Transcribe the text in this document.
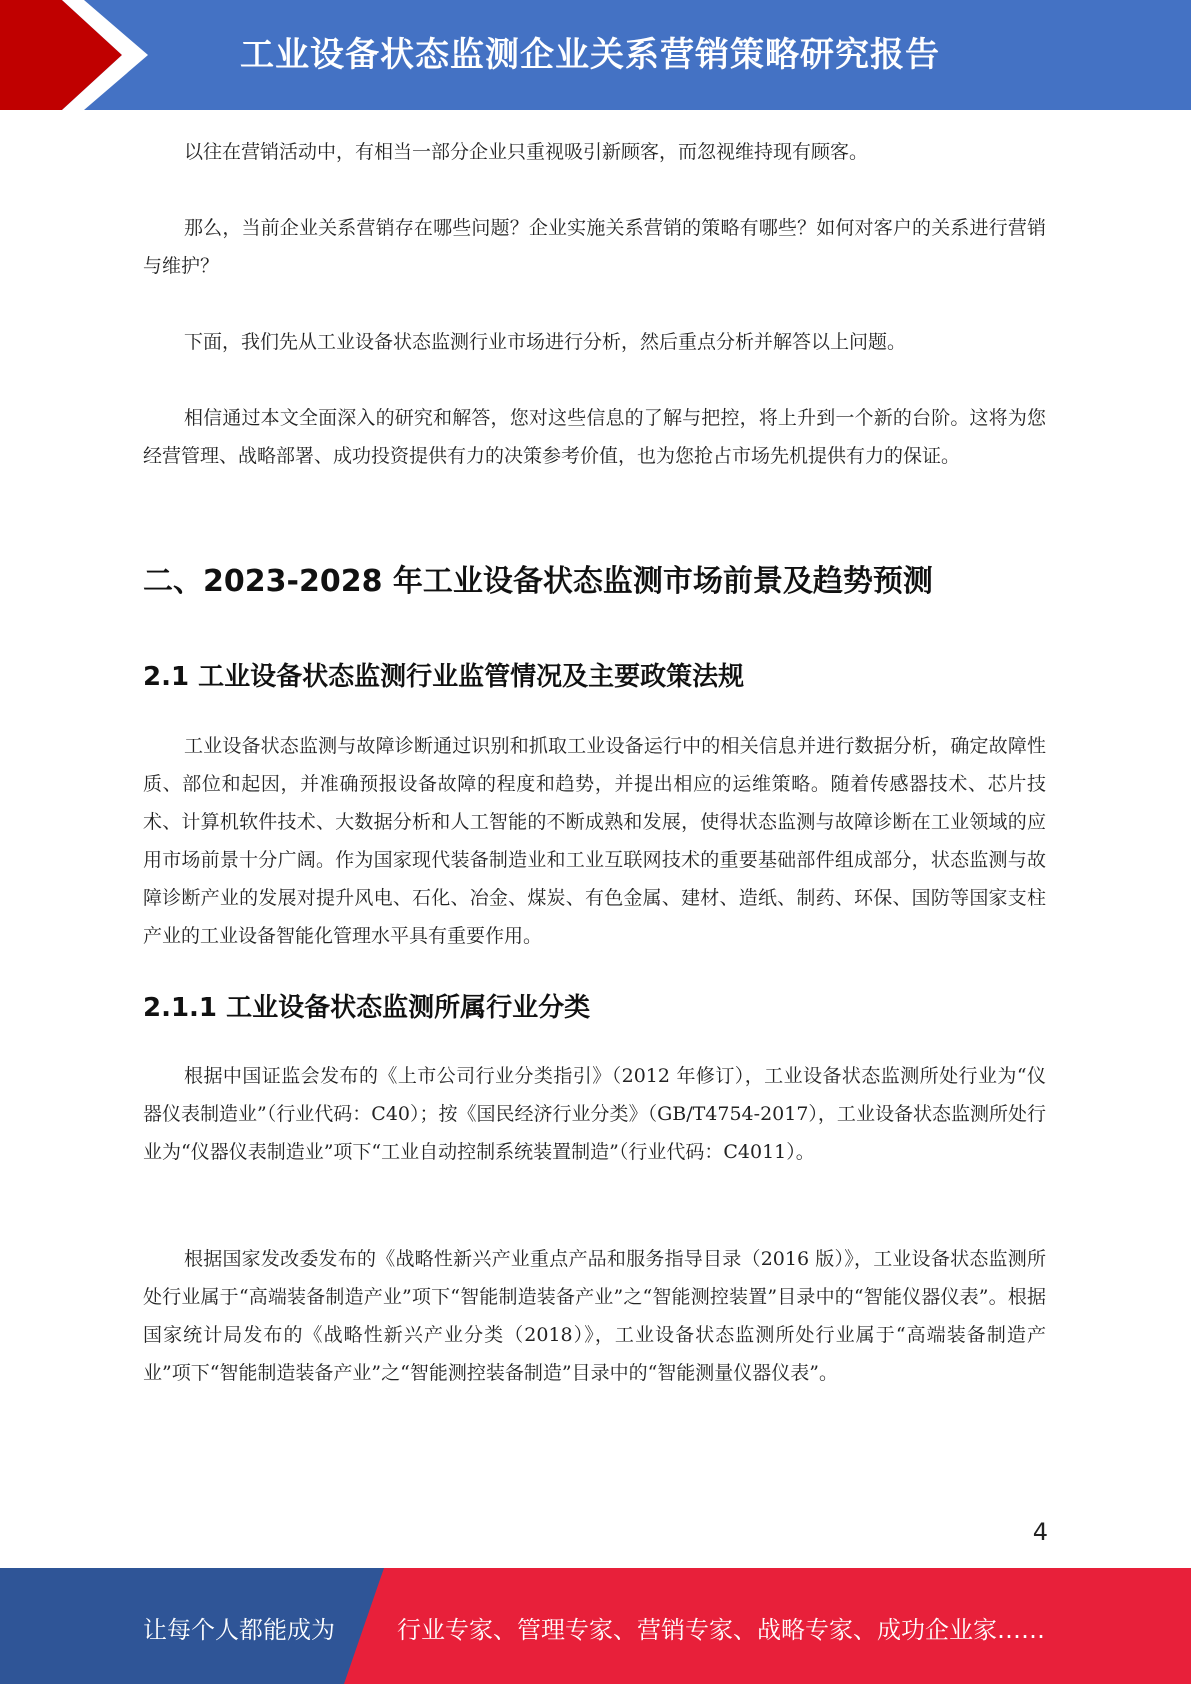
工业设备状态监测企业关系营销策略研究报告

以往在营销活动中，有相当一部分企业只重视吸引新顾客，而忽视维持现有顾客。

那么，当前企业关系营销存在哪些问题？企业实施关系营销的策略有哪些？如何对客户的关系进行营销与维护？

下面，我们先从工业设备状态监测行业市场进行分析，然后重点分析并解答以上问题。

相信通过本文全面深入的研究和解答，您对这些信息的了解与把控，将上升到一个新的台阶。这将为您经营管理、战略部署、成功投资提供有力的决策参考价值，也为您抢占市场先机提供有力的保证。

二、2023-2028 年工业设备状态监测市场前景及趋势预测
2.1 工业设备状态监测行业监管情况及主要政策法规

工业设备状态监测与故障诊断通过识别和抓取工业设备运行中的相关信息并进行数据分析，确定故障性质、部位和起因，并准确预报设备故障的程度和趋势，并提出相应的运维策略。随着传感器技术、芯片技术、计算机软件技术、大数据分析和人工智能的不断成熟和发展，使得状态监测与故障诊断在工业领域的应用市场前景十分广阔。作为国家现代装备制造业和工业互联网技术的重要基础部件组成部分，状态监测与故障诊断产业的发展对提升风电、石化、冶金、煤炭、有色金属、建材、造纸、制药、环保、国防等国家支柱产业的工业设备智能化管理水平具有重要作用。

2.1.1 工业设备状态监测所属行业分类

根据中国证监会发布的《上市公司行业分类指引》（2012 年修订），工业设备状态监测所处行业为“仪器仪表制造业”（行业代码：C40）；按《国民经济行业分类》（GB/T4754-2017），工业设备状态监测所处行业为“仪器仪表制造业”项下“工业自动控制系统装置制造”（行业代码：C4011）。

根据国家发改委发布的《战略性新兴产业重点产品和服务指导目录（2016 版）》，工业设备状态监测所处行业属于“高端装备制造产业”项下“智能制造装备产业”之“智能测控装置”目录中的“智能仪器仪表”。根据国家统计局发布的《战略性新兴产业分类（2018）》，工业设备状态监测所处行业属于“高端装备制造产业”项下“智能制造装备产业”之“智能测控装备制造”目录中的“智能测量仪器仪表”。

4
让每个人都能成为	行业专家、管理专家、营销专家、战略专家、成功企业家……
